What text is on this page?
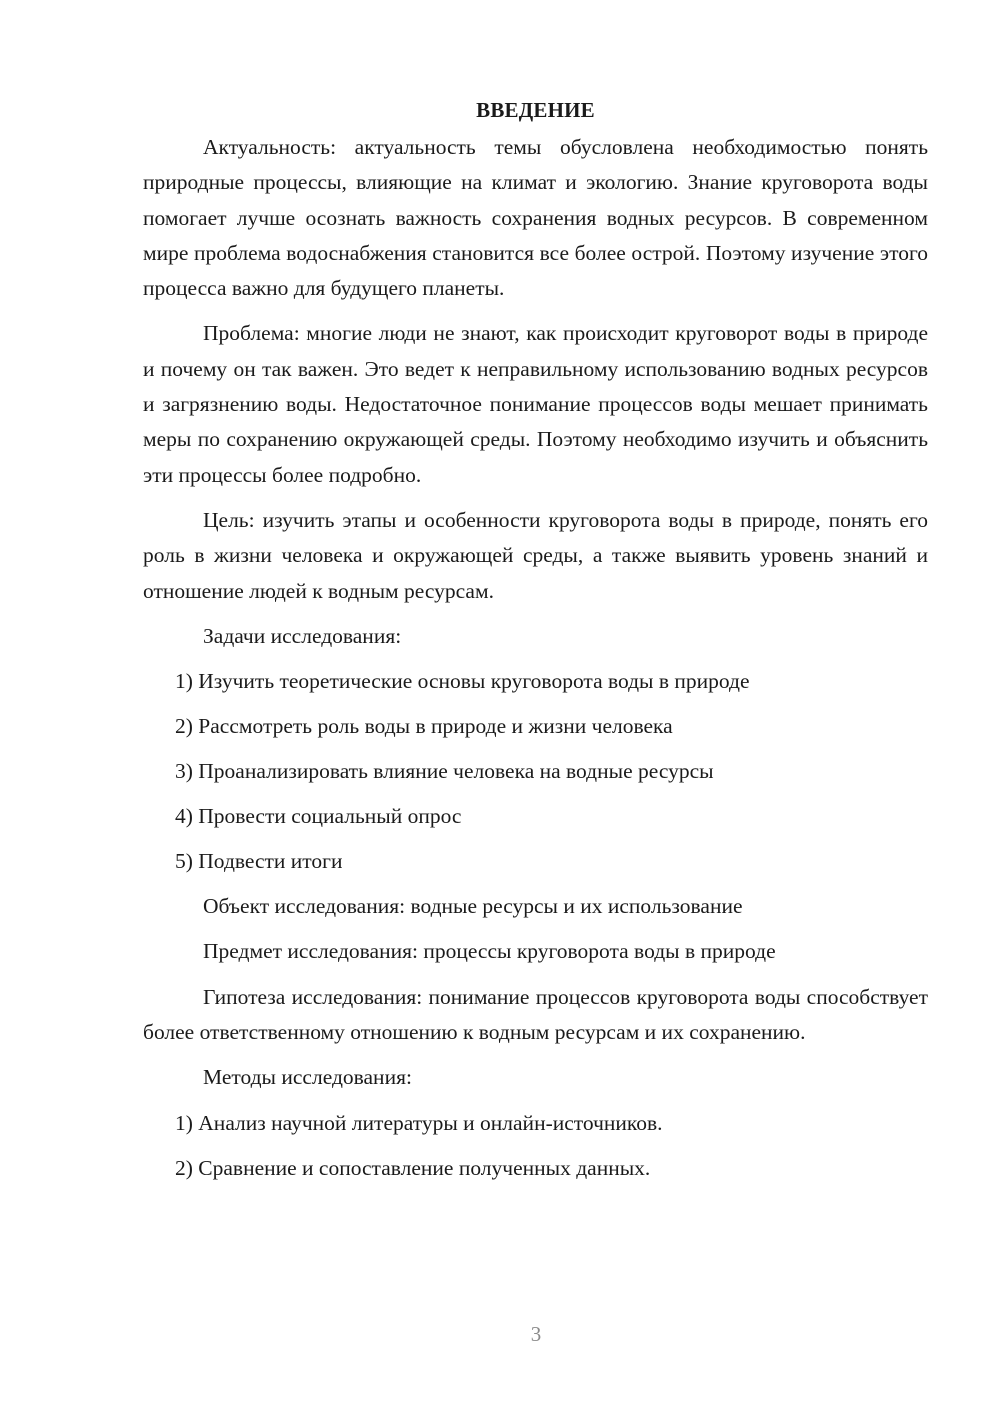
ВВЕДЕНИЕ

Актуальность: актуальность темы обусловлена необходимостью понять природные процессы, влияющие на климат и экологию. Знание круговорота воды помогает лучше осознать важность сохранения водных ресурсов. В современном мире проблема водоснабжения становится все более острой. Поэтому изучение этого процесса важно для будущего планеты.

Проблема: многие люди не знают, как происходит круговорот воды в природе и почему он так важен. Это ведет к неправильному использованию водных ресурсов и загрязнению воды. Недостаточное понимание процессов воды мешает принимать меры по сохранению окружающей среды. Поэтому необходимо изучить и объяснить эти процессы более подробно.

Цель: изучить этапы и особенности круговорота воды в природе, понять его роль в жизни человека и окружающей среды, а также выявить уровень знаний и отношение людей к водным ресурсам.

Задачи исследования:

1) Изучить теоретические основы круговорота воды в природе
2) Рассмотреть роль воды в природе и жизни человека
3) Проанализировать влияние человека на водные ресурсы
4) Провести социальный опрос
5) Подвести итоги

Объект исследования: водные ресурсы и их использование

Предмет исследования: процессы круговорота воды в природе

Гипотеза исследования: понимание процессов круговорота воды способствует более ответственному отношению к водным ресурсам и их сохранению.

Методы исследования:

1) Анализ научной литературы и онлайн-источников.
2) Сравнение и сопоставление полученных данных.
3
